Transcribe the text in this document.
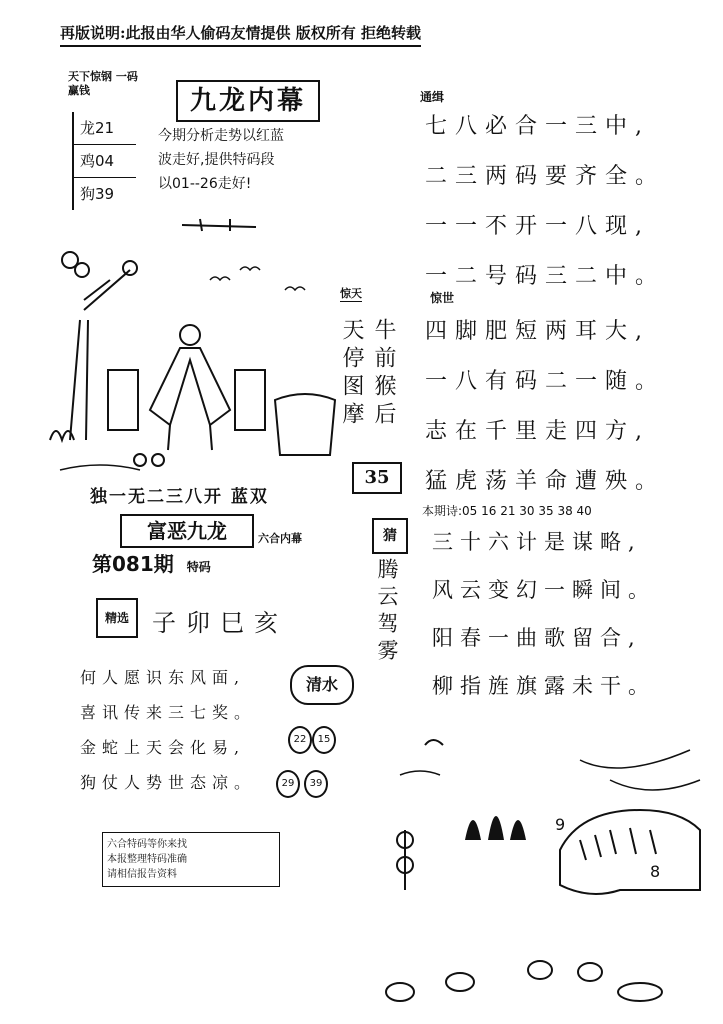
再版说明:此报由华人偷码友情提供 版权所有 拒绝转载
天下惊钢 一码赢钱
龙21
鸡04
狗39
九龙内幕
今期分析走势以红蓝
波走好,提供特码段
以01--26走好!
惊天
天停图摩 牛前猴后
35
通缉
七八必合一三中,
二三两码要齐全。
一一不开一八现,
一二号码三二中。
惊世
四脚肥短两耳大,
一八有码二一随。
志在千里走四方,
猛虎荡羊命遭殃。
本期诗:05 16 21 30 35 38 40
三十六计是谋略,
风云变幻一瞬间。
阳春一曲歌留合,
柳指旌旗露未干。
独一无二三八开 蓝双
富恶九龙	六合内幕
第081期 特码
精选 子卯巳亥
何人愿识东风面,
喜讯传来三七奖。
金蛇上天会化易,
狗仗人势世态凉。
清水
22	15
29	39
猜
腾云驾雾
六合特码等你来找
本报整理特码准确
请相信报告资料
9
8
